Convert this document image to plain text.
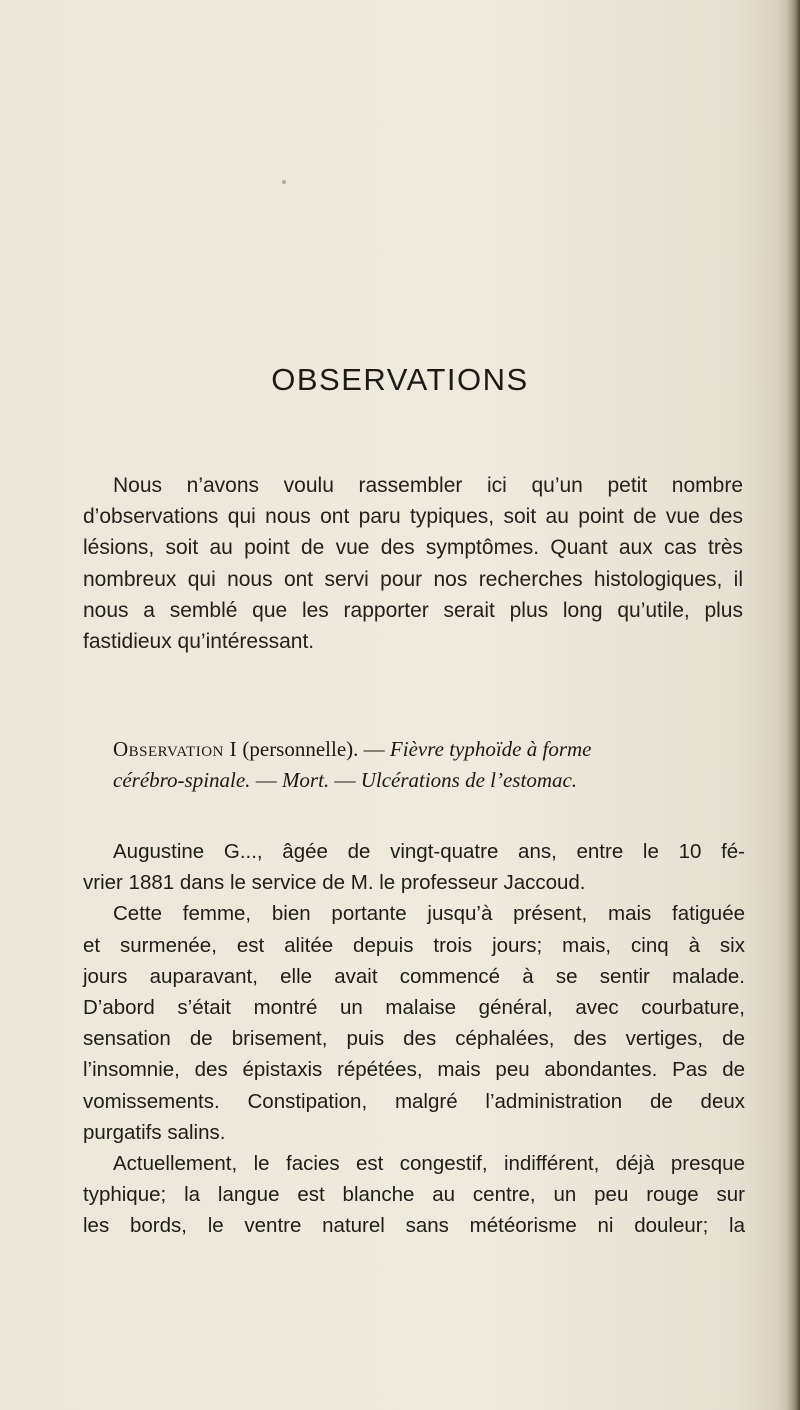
OBSERVATIONS

Nous n’avons voulu rassembler ici qu’un petit nombre d’observations qui nous ont paru typiques, soit au point de vue des lésions, soit au point de vue des symptômes. Quant aux cas très nombreux qui nous ont servi pour nos recherches histologiques, il nous a semblé que les rapporter serait plus long qu’utile, plus fastidieux qu’intéressant.

Observation I (personnelle). — Fièvre typhoïde à forme
cérébro-spinale. — Mort. — Ulcérations de l’estomac.
Augustine G..., âgée de vingt-quatre ans, entre le 10 fé-
vrier 1881 dans le service de M. le professeur Jaccoud.
Cette femme, bien portante jusqu’à présent, mais fatiguée
et surmenée, est alitée depuis trois jours; mais, cinq à six
jours auparavant, elle avait commencé à se sentir malade.
D’abord s’était montré un malaise général, avec courbature,
sensation de brisement, puis des céphalées, des vertiges, de
l’insomnie, des épistaxis répétées, mais peu abondantes. Pas de
vomissements. Constipation, malgré l’administration de deux
purgatifs salins.
Actuellement, le facies est congestif, indifférent, déjà presque
typhique; la langue est blanche au centre, un peu rouge sur
les bords, le ventre naturel sans météorisme ni douleur; la
